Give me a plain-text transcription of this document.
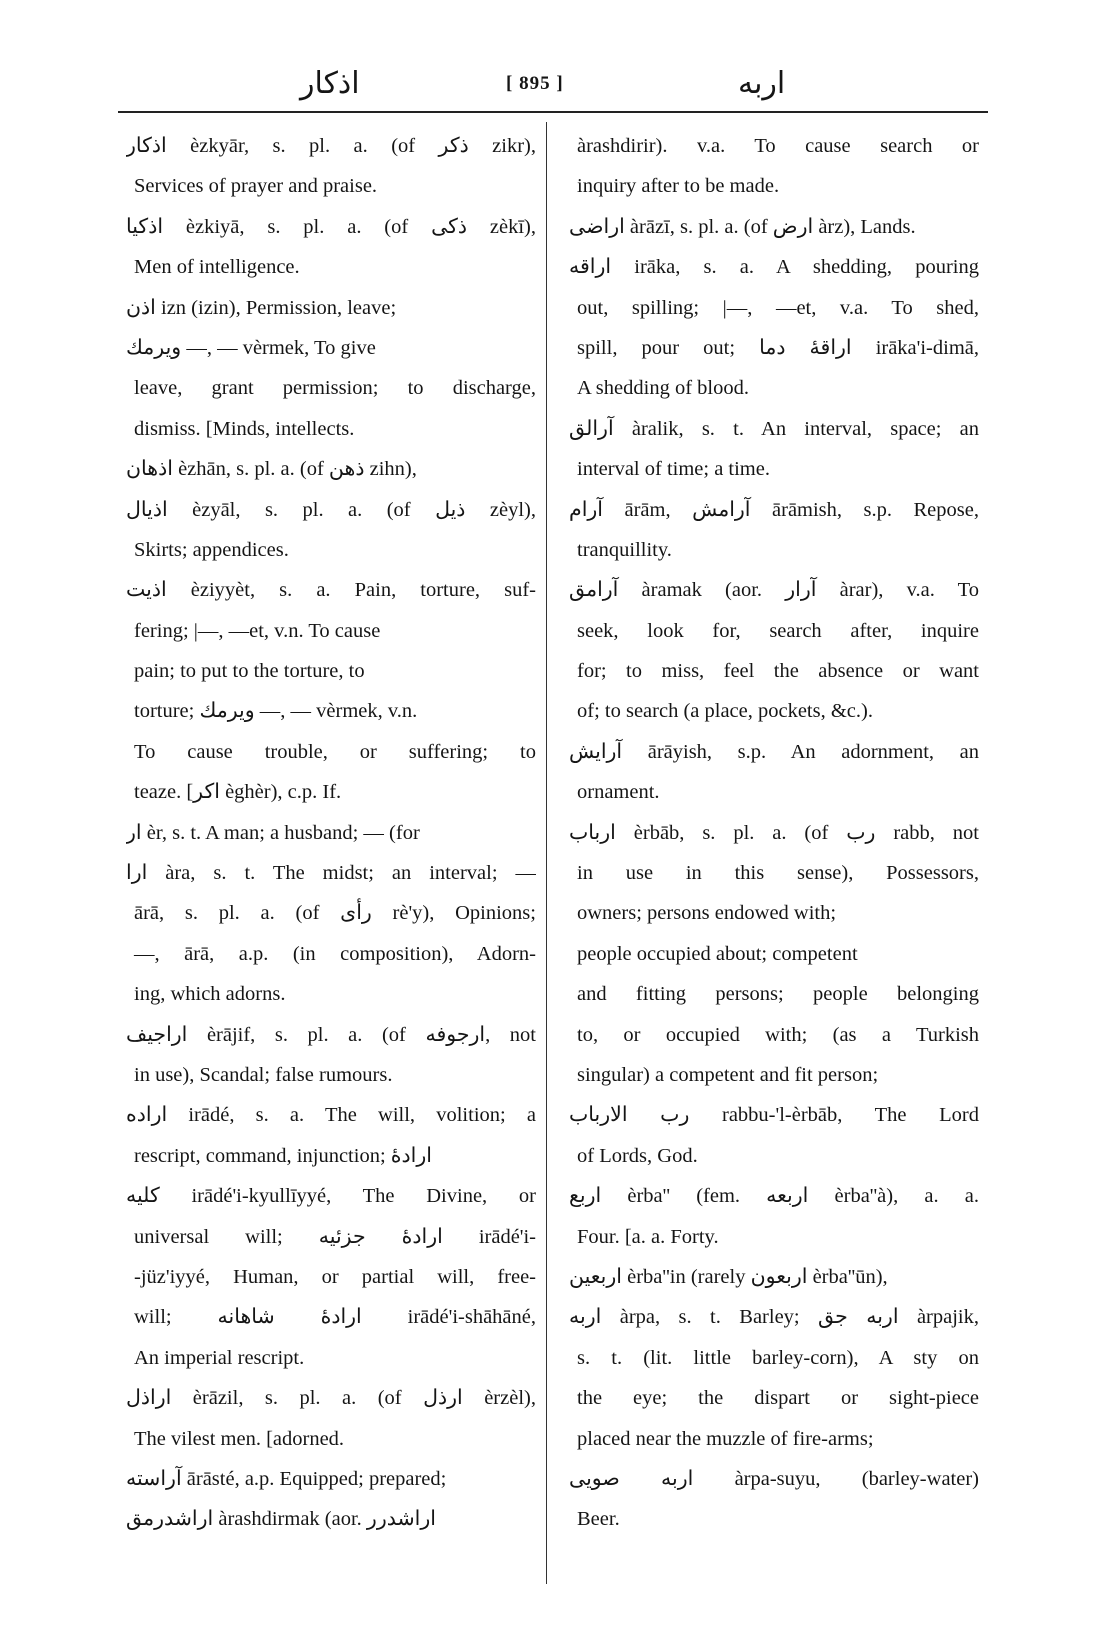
اذكار	[ 895 ]	اربه
اذكار èzkyār, s. pl. a. (of ذكر zikr),
Services of prayer and praise.
اذكيا èzkiyā, s. pl. a. (of ذكى zèkī),
Men of intelligence.
اذن izn (izin), Permission, leave;
ويرمك —, — vèrmek, To give
leave, grant permission; to discharge,
dismiss. [Minds, intellects.
اذهان èzhān, s. pl. a. (of ذهن zihn),
اذيال èzyāl, s. pl. a. (of ذيل zèyl),
Skirts; appendices.
اذيت èziyyèt, s. a. Pain, torture, suf-
fering; |—, —et, v.n. To cause
pain; to put to the torture, to
torture; ويرمك —, — vèrmek, v.n.
To cause trouble, or suffering; to
teaze. [اكر èghèr), c.p. If.
ار èr, s. t. A man; a husband; — (for
ارا àra, s. t. The midst; an interval; —
ārā, s. pl. a. (of رأى rè'y), Opinions;
—, ārā, a.p. (in composition), Adorn-
ing, which adorns.
اراجيف èrājif, s. pl. a. (of ارجوفه, not
in use), Scandal; false rumours.
اراده irādé, s. a. The will, volition; a
rescript, command, injunction; ارادهٔ
كليه irādé'i-kyullīyyé, The Divine, or
universal will; ارادهٔ جزئيه irādé'i-
-jüz'iyyé, Human, or partial will, free-
will; ارادهٔ شاهانه irādé'i-shāhāné,
An imperial rescript.
اراذل èrāzil, s. pl. a. (of ارذل èrzèl),
The vilest men. [adorned.
آراسته ārāsté, a.p. Equipped; prepared;
اراشدرمق àrashdirmak (aor. اراشدرر
àrashdirir). v.a. To cause search or
inquiry after to be made.
اراضى àrāzī, s. pl. a. (of ارض àrz), Lands.
اراقه irāka, s. a. A shedding, pouring
out, spilling; |—, —et, v.a. To shed,
spill, pour out; اراقهٔ دما irāka'i-dimā,
A shedding of blood.
آرالق àralik, s. t. An interval, space; an
interval of time; a time.
آرام ārām, آرامش ārāmish, s.p. Repose,
tranquillity.
آرامق àramak (aor. آرار àrar), v.a. To
seek, look for, search after, inquire
for; to miss, feel the absence or want
of; to search (a place, pockets, &c.).
آرايش ārāyish, s.p. An adornment, an
ornament.
ارباب èrbāb, s. pl. a. (of رب rabb, not
in use in this sense), Possessors,
owners; persons endowed with;
people occupied about; competent
and fitting persons; people belonging
to, or occupied with; (as a Turkish
singular) a competent and fit person;
رب الارباب rabbu-'l-èrbāb, The Lord
of Lords, God.
اربع èrba'' (fem. اربعه èrba''à), a. a.
Four. [a. a. Forty.
اربعين èrba''in (rarely اربعون èrba''ūn),
اربه àrpa, s. t. Barley; اربه جق àrpajik,
s. t. (lit. little barley-corn), A sty on
the eye; the dispart or sight-piece
placed near the muzzle of fire-arms;
اربه صويى àrpa-suyu, (barley-water)
Beer.
